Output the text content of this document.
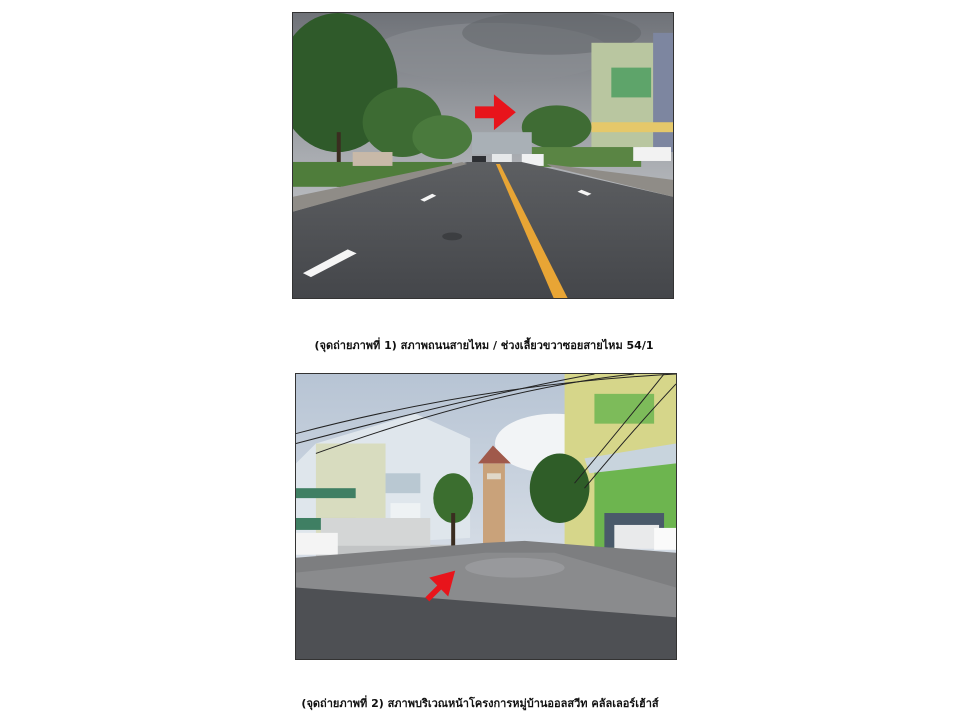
(จุดถ่ายภาพที่ 1) สภาพถนนสายไหม / ช่วงเลี้ยวขวาซอยสายไหม 54/1
(จุดถ่ายภาพที่ 2) สภาพบริเวณหน้าโครงการหมู่บ้านออลสวีท คลัลเลอร์เฮ้าส์
